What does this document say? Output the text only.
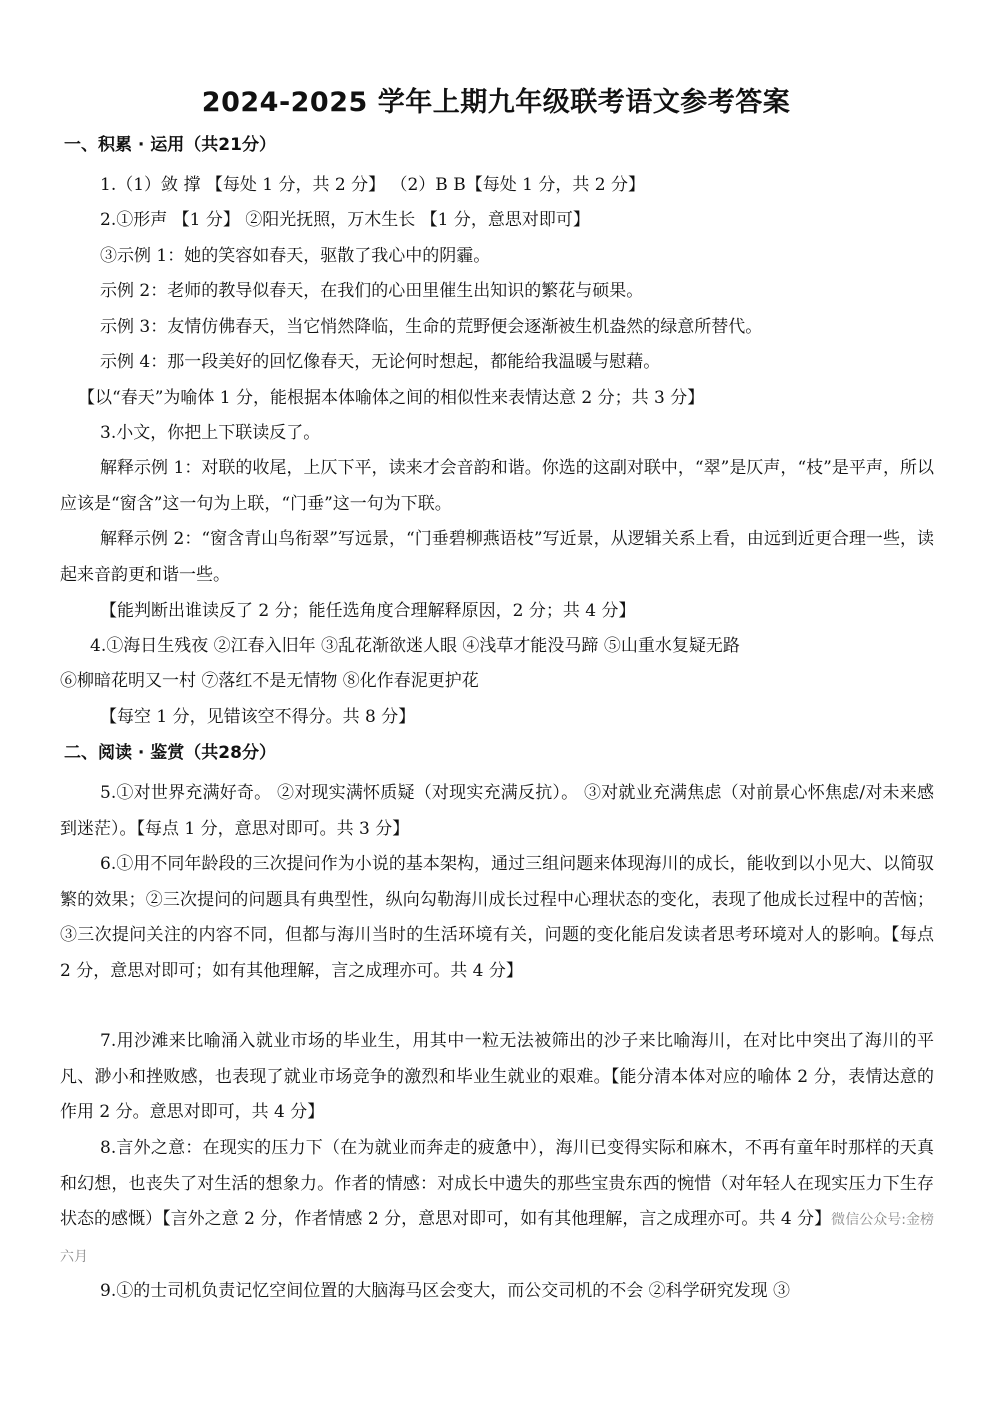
2024-2025 学年上期九年级联考语文参考答案
一、积累 · 运用（共21分）
1.（1）敛 撑 【每处 1 分，共 2 分】 （2）B B【每处 1 分，共 2 分】
2.①形声 【1 分】 ②阳光抚照，万木生长 【1 分，意思对即可】
③示例 1：她的笑容如春天，驱散了我心中的阴霾。
示例 2：老师的教导似春天，在我们的心田里催生出知识的繁花与硕果。
示例 3：友情仿佛春天，当它悄然降临，生命的荒野便会逐渐被生机盎然的绿意所替代。
示例 4：那一段美好的回忆像春天，无论何时想起，都能给我温暖与慰藉。
【以“春天”为喻体 1 分，能根据本体喻体之间的相似性来表情达意 2 分；共 3 分】
3.小文，你把上下联读反了。
解释示例 1：对联的收尾，上仄下平，读来才会音韵和谐。你选的这副对联中，“翠”是仄声，“枝”是平声，所以应该是“窗含”这一句为上联，“门垂”这一句为下联。
解释示例 2：“窗含青山鸟衔翠”写远景，“门垂碧柳燕语枝”写近景，从逻辑关系上看，由远到近更合理一些，读起来音韵更和谐一些。
【能判断出谁读反了 2 分；能任选角度合理解释原因，2 分；共 4 分】
4.①海日生残夜 ②江春入旧年 ③乱花渐欲迷人眼 ④浅草才能没马蹄 ⑤山重水复疑无路
⑥柳暗花明又一村 ⑦落红不是无情物 ⑧化作春泥更护花
【每空 1 分，见错该空不得分。共 8 分】
二、阅读 · 鉴赏（共28分）
5.①对世界充满好奇。 ②对现实满怀质疑（对现实充满反抗）。 ③对就业充满焦虑（对前景心怀焦虑/对未来感到迷茫）。【每点 1 分，意思对即可。共 3 分】
6.①用不同年龄段的三次提问作为小说的基本架构，通过三组问题来体现海川的成长，能收到以小见大、以简驭繁的效果；②三次提问的问题具有典型性，纵向勾勒海川成长过程中心理状态的变化，表现了他成长过程中的苦恼；③三次提问关注的内容不同，但都与海川当时的生活环境有关，问题的变化能启发读者思考环境对人的影响。【每点 2 分，意思对即可；如有其他理解，言之成理亦可。共 4 分】
7.用沙滩来比喻涌入就业市场的毕业生，用其中一粒无法被筛出的沙子来比喻海川，在对比中突出了海川的平凡、渺小和挫败感，也表现了就业市场竞争的激烈和毕业生就业的艰难。【能分清本体对应的喻体 2 分，表情达意的作用 2 分。意思对即可，共 4 分】
8.言外之意：在现实的压力下（在为就业而奔走的疲惫中），海川已变得实际和麻木，不再有童年时那样的天真和幻想，也丧失了对生活的想象力。作者的情感：对成长中遗失的那些宝贵东西的惋惜（对年轻人在现实压力下生存状态的感慨）【言外之意 2 分，作者情感 2 分，意思对即可，如有其他理解，言之成理亦可。共 4 分】微信公众号:金榜六月
9.①的士司机负责记忆空间位置的大脑海马区会变大，而公交司机的不会 ②科学研究发现 ③
